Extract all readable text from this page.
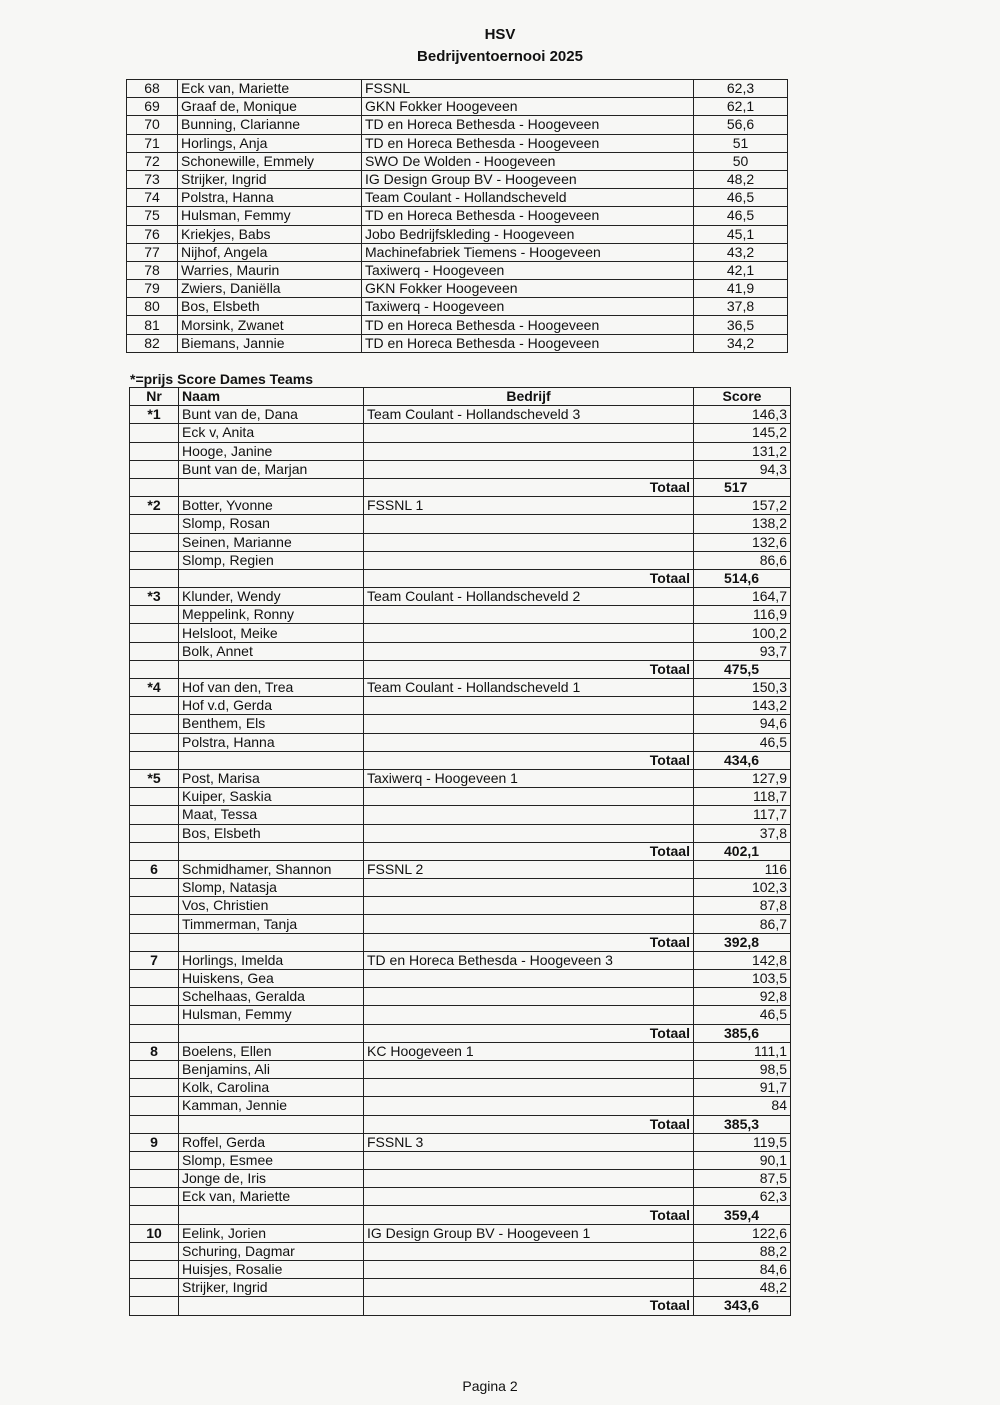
HSV
Bedrijventoernooi 2025
68	Eck van, Mariette	FSSNL	62,3
69	Graaf de, Monique	GKN Fokker Hoogeveen	62,1
70	Bunning, Clarianne	TD en Horeca Bethesda - Hoogeveen	56,6
71	Horlings, Anja	TD en Horeca Bethesda - Hoogeveen	51
72	Schonewille, Emmely	SWO De Wolden - Hoogeveen	50
73	Strijker, Ingrid	IG Design Group BV - Hoogeveen	48,2
74	Polstra, Hanna	Team Coulant - Hollandscheveld	46,5
75	Hulsman, Femmy	TD en Horeca Bethesda - Hoogeveen	46,5
76	Kriekjes, Babs	Jobo Bedrijfskleding - Hoogeveen	45,1
77	Nijhof, Angela	Machinefabriek Tiemens - Hoogeveen	43,2
78	Warries, Maurin	Taxiwerq - Hoogeveen	42,1
79	Zwiers, Daniëlla	GKN Fokker Hoogeveen	41,9
80	Bos, Elsbeth	Taxiwerq - Hoogeveen	37,8
81	Morsink, Zwanet	TD en Horeca Bethesda - Hoogeveen	36,5
82	Biemans, Jannie	TD en Horeca Bethesda - Hoogeveen	34,2
*=prijs Score Dames Teams
Nr	Naam	Bedrijf	Score
*1	Bunt van de, Dana	Team Coulant - Hollandscheveld 3	146,3
	Eck v, Anita		145,2
	Hooge, Janine		131,2
	Bunt van de, Marjan		94,3
		Totaal	517
*2	Botter, Yvonne	FSSNL 1	157,2
	Slomp, Rosan		138,2
	Seinen, Marianne		132,6
	Slomp, Regien		86,6
		Totaal	514,6
*3	Klunder, Wendy	Team Coulant - Hollandscheveld 2	164,7
	Meppelink, Ronny		116,9
	Helsloot, Meike		100,2
	Bolk, Annet		93,7
		Totaal	475,5
*4	Hof van den, Trea	Team Coulant - Hollandscheveld 1	150,3
	Hof v.d, Gerda		143,2
	Benthem, Els		94,6
	Polstra, Hanna		46,5
		Totaal	434,6
*5	Post, Marisa	Taxiwerq - Hoogeveen 1	127,9
	Kuiper, Saskia		118,7
	Maat, Tessa		117,7
	Bos, Elsbeth		37,8
		Totaal	402,1
6	Schmidhamer, Shannon	FSSNL 2	116
	Slomp, Natasja		102,3
	Vos, Christien		87,8
	Timmerman, Tanja		86,7
		Totaal	392,8
7	Horlings, Imelda	TD en Horeca Bethesda - Hoogeveen 3	142,8
	Huiskens, Gea		103,5
	Schelhaas, Geralda		92,8
	Hulsman, Femmy		46,5
		Totaal	385,6
8	Boelens, Ellen	KC Hoogeveen 1	111,1
	Benjamins, Ali		98,5
	Kolk, Carolina		91,7
	Kamman, Jennie		84
		Totaal	385,3
9	Roffel, Gerda	FSSNL 3	119,5
	Slomp, Esmee		90,1
	Jonge de, Iris		87,5
	Eck van, Mariette		62,3
		Totaal	359,4
10	Eelink, Jorien	IG Design Group BV - Hoogeveen 1	122,6
	Schuring, Dagmar		88,2
	Huisjes, Rosalie		84,6
	Strijker, Ingrid		48,2
		Totaal	343,6
Pagina 2
